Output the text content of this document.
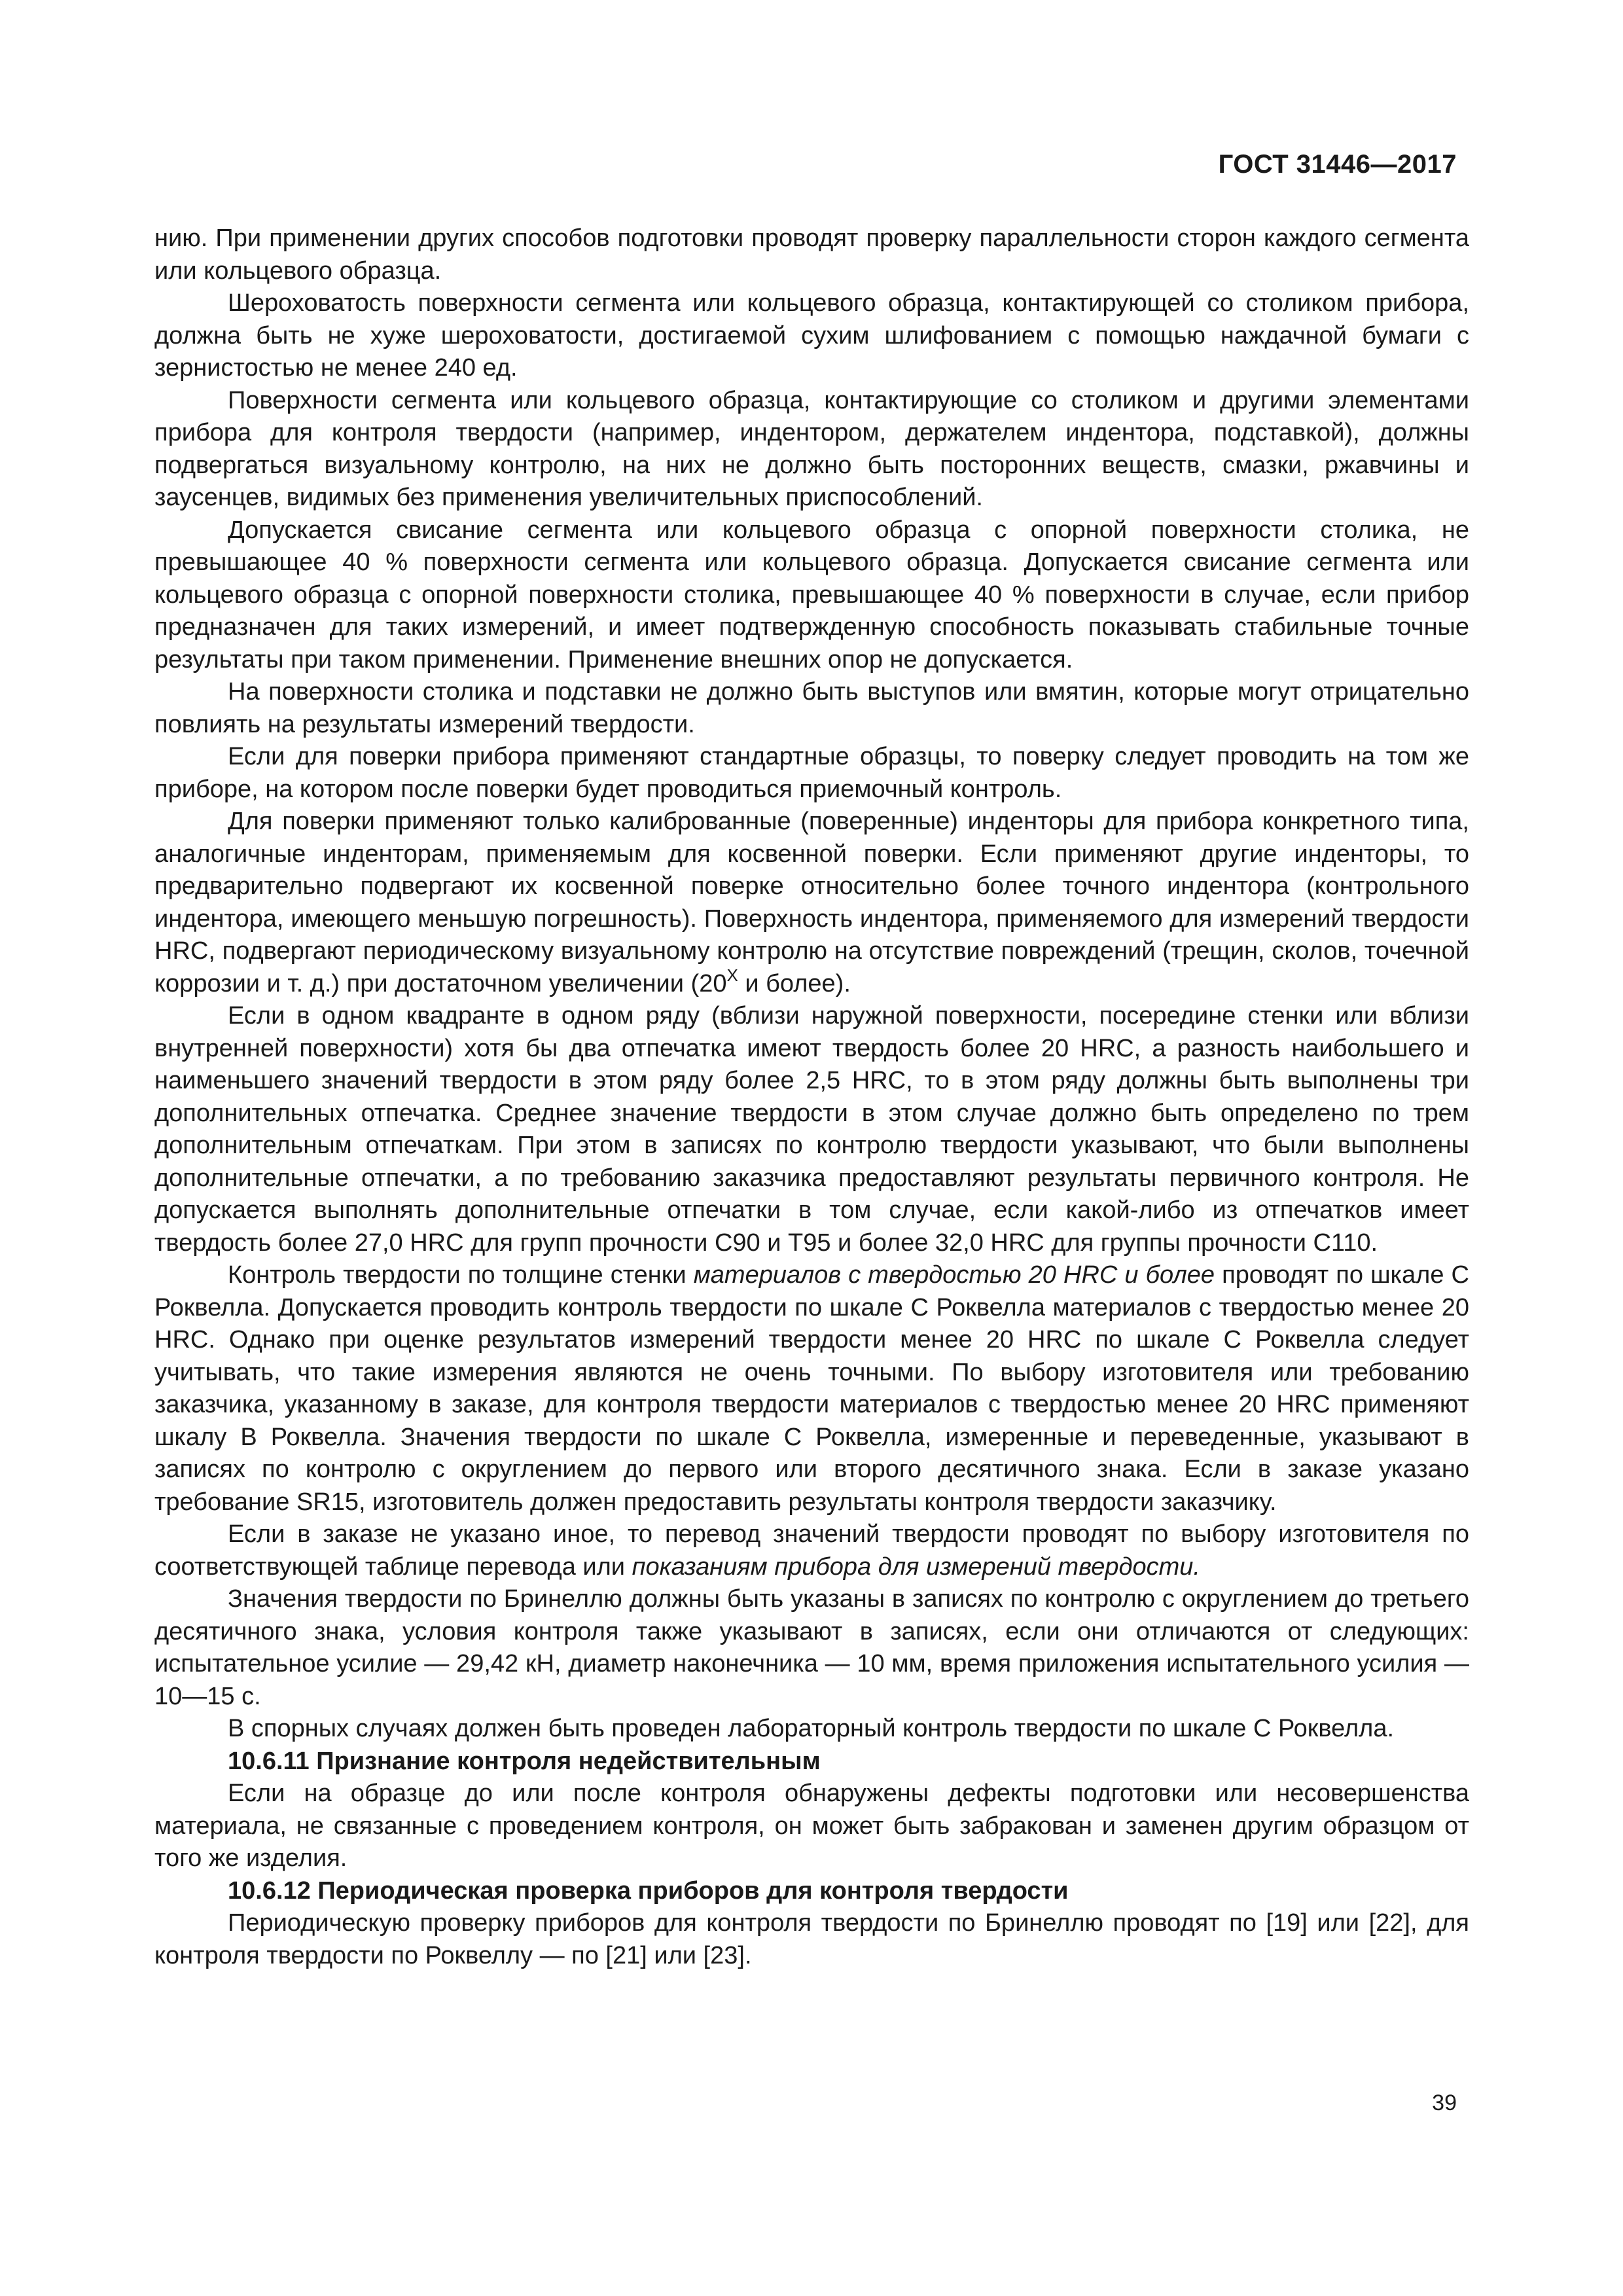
ГОСТ 31446—2017

нию. При применении других способов подготовки проводят проверку параллельности сторон каждого сегмента или кольцевого образца.

Шероховатость поверхности сегмента или кольцевого образца, контактирующей со столиком прибора, должна быть не хуже шероховатости, достигаемой сухим шлифованием с помощью наждачной бумаги с зернистостью не менее 240 ед.

Поверхности сегмента или кольцевого образца, контактирующие со столиком и другими элементами прибора для контроля твердости (например, индентором, держателем индентора, подставкой), должны подвергаться визуальному контролю, на них не должно быть посторонних веществ, смазки, ржавчины и заусенцев, видимых без применения увеличительных приспособлений.

Допускается свисание сегмента или кольцевого образца с опорной поверхности столика, не превышающее 40 % поверхности сегмента или кольцевого образца. Допускается свисание сегмента или кольцевого образца с опорной поверхности столика, превышающее 40 % поверхности в случае, если прибор предназначен для таких измерений, и имеет подтвержденную способность показывать стабильные точные результаты при таком применении. Применение внешних опор не допускается.

На поверхности столика и подставки не должно быть выступов или вмятин, которые могут отрицательно повлиять на результаты измерений твердости.

Если для поверки прибора применяют стандартные образцы, то поверку следует проводить на том же приборе, на котором после поверки будет проводиться приемочный контроль.

Для поверки применяют только калиброванные (поверенные) инденторы для прибора конкретного типа, аналогичные инденторам, применяемым для косвенной поверки. Если применяют другие инденторы, то предварительно подвергают их косвенной поверке относительно более точного индентора (контрольного индентора, имеющего меньшую погрешность). Поверхность индентора, применяемого для измерений твердости HRC, подвергают периодическому визуальному контролю на отсутствие повреждений (трещин, сколов, точечной коррозии и т. д.) при достаточном увеличении ($20^Х$ и более).

Если в одном квадранте в одном ряду (вблизи наружной поверхности, посередине стенки или вблизи внутренней поверхности) хотя бы два отпечатка имеют твердость более 20 HRC, а разность наибольшего и наименьшего значений твердости в этом ряду более 2,5 HRC, то в этом ряду должны быть выполнены три дополнительных отпечатка. Среднее значение твердости в этом случае должно быть определено по трем дополнительным отпечаткам. При этом в записях по контролю твердости указывают, что были выполнены дополнительные отпечатки, а по требованию заказчика предоставляют результаты первичного контроля. Не допускается выполнять дополнительные отпечатки в том случае, если какой-либо из отпечатков имеет твердость более 27,0 HRC для групп прочности C90 и T95 и более 32,0 HRC для группы прочности C110.

Контроль твердости по толщине стенки материалов с твердостью 20 HRC и более проводят по шкале С Роквелла. Допускается проводить контроль твердости по шкале С Роквелла материалов с твердостью менее 20 HRC. Однако при оценке результатов измерений твердости менее 20 HRC по шкале С Роквелла следует учитывать, что такие измерения являются не очень точными. По выбору изготовителя или требованию заказчика, указанному в заказе, для контроля твердости материалов с твердостью менее 20 HRC применяют шкалу В Роквелла. Значения твердости по шкале С Роквелла, измеренные и переведенные, указывают в записях по контролю с округлением до первого или второго десятичного знака. Если в заказе указано требование SR15, изготовитель должен предоставить результаты контроля твердости заказчику.

Если в заказе не указано иное, то перевод значений твердости проводят по выбору изготовителя по соответствующей таблице перевода или показаниям прибора для измерений твердости.

Значения твердости по Бринеллю должны быть указаны в записях по контролю с округлением до третьего десятичного знака, условия контроля также указывают в записях, если они отличаются от следующих: испытательное усилие — 29,42 кН, диаметр наконечника — 10 мм, время приложения испытательного усилия — 10—15 с.

В спорных случаях должен быть проведен лабораторный контроль твердости по шкале С Роквелла.

10.6.11 Признание контроля недействительным

Если на образце до или после контроля обнаружены дефекты подготовки или несовершенства материала, не связанные с проведением контроля, он может быть забракован и заменен другим образцом от того же изделия.

10.6.12 Периодическая проверка приборов для контроля твердости

Периодическую проверку приборов для контроля твердости по Бринеллю проводят по [19] или [22], для контроля твердости по Роквеллу — по [21] или [23].

39
